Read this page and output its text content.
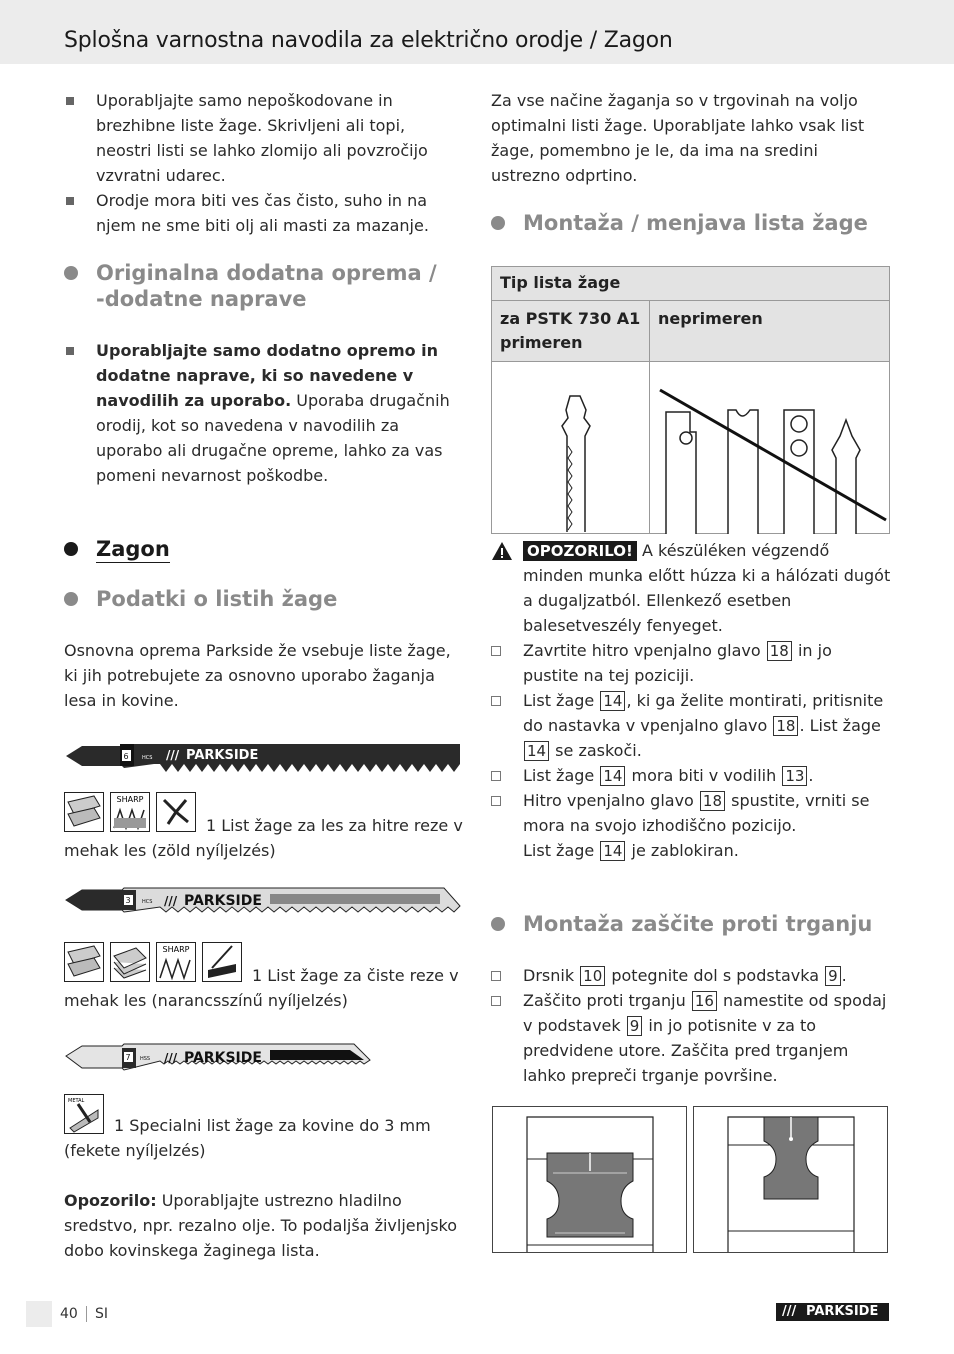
Splošna varnostna navodila za električno orodje / Zagon
Uporabljajte samo nepoškodovane in brezhibne liste žage. Skrivljeni ali topi, neostri listi se lahko zlomijo ali povzročijo vzvratni udarec.
Orodje mora biti ves čas čisto, suho in na njem ne sme biti olj ali masti za mazanje.
Originalna dodatna oprema /
-dodatne naprave
Uporabljajte samo dodatno opremo in dodatne naprave, ki so navedene v navodilih za uporabo. Uporaba drugačnih orodij, kot so navedena v navodilih za uporabo ali drugačne opreme, lahko za vas pomeni nevarnost poškodbe.
Zagon
Podatki o listih žage
Osnovna oprema Parkside že vsebuje liste žage, ki jih potrebujete za osnovno uporabo žaganja lesa in kovine.
6	HCS /// PARKSIDE
SHARP
1 List žage za les za hitre reze v mehak les (zöld nyíljelzés)
3 HCS /// PARKSIDE
SHARP
1 List žage za čiste reze v mehak les (narancsszínű nyíljelzés)
7 HSS /// PARKSIDE
METAL
1 Specialni list žage za kovine do 3 mm (fekete nyíljelzés)
Opozorilo: Uporabljajte ustrezno hladilno sredstvo, npr. rezalno olje. To podaljša življenjsko dobo kovinskega žaginega lista.
Za vse načine žaganja so v trgovinah na voljo optimalni listi žage. Uporabljate lahko vsak list žage, pomembno je le, da ima na sredini ustrezno odprtino.
Montaža / menjava lista žage
Tip lista žage	
za PSTK 730 A1 primeren	neprimeren

OPOZORILO! A készüléken végzendő minden munka előtt húzza ki a hálózati dugót a dugaljzatból. Ellenkező esetben balesetveszély fenyeget.
Zavrtite hitro vpenjalno glavo 18 in jo pustite na tej poziciji.
List žage 14 , ki ga želite montirati, pritisnite do nastavka v vpenjalno glavo 18 . List žage 14 se zaskoči.
List žage 14 mora biti v vodilih 13 .
Hitro vpenjalno glavo 18 spustite, vrniti se mora na svojo izhodiščno pozicijo.
List žage 14 je zablokiran.
Montaža zaščite proti trganju
Drsnik 10 potegnite dol s podstavka 9 .
Zaščito proti trganju 16 namestite od spodaj v podstavek 9 in jo potisnite v za to predvidene utore. Zaščita pred trganjem lahko prepreči trganje površine.
40 SI	/// PARKSIDE
